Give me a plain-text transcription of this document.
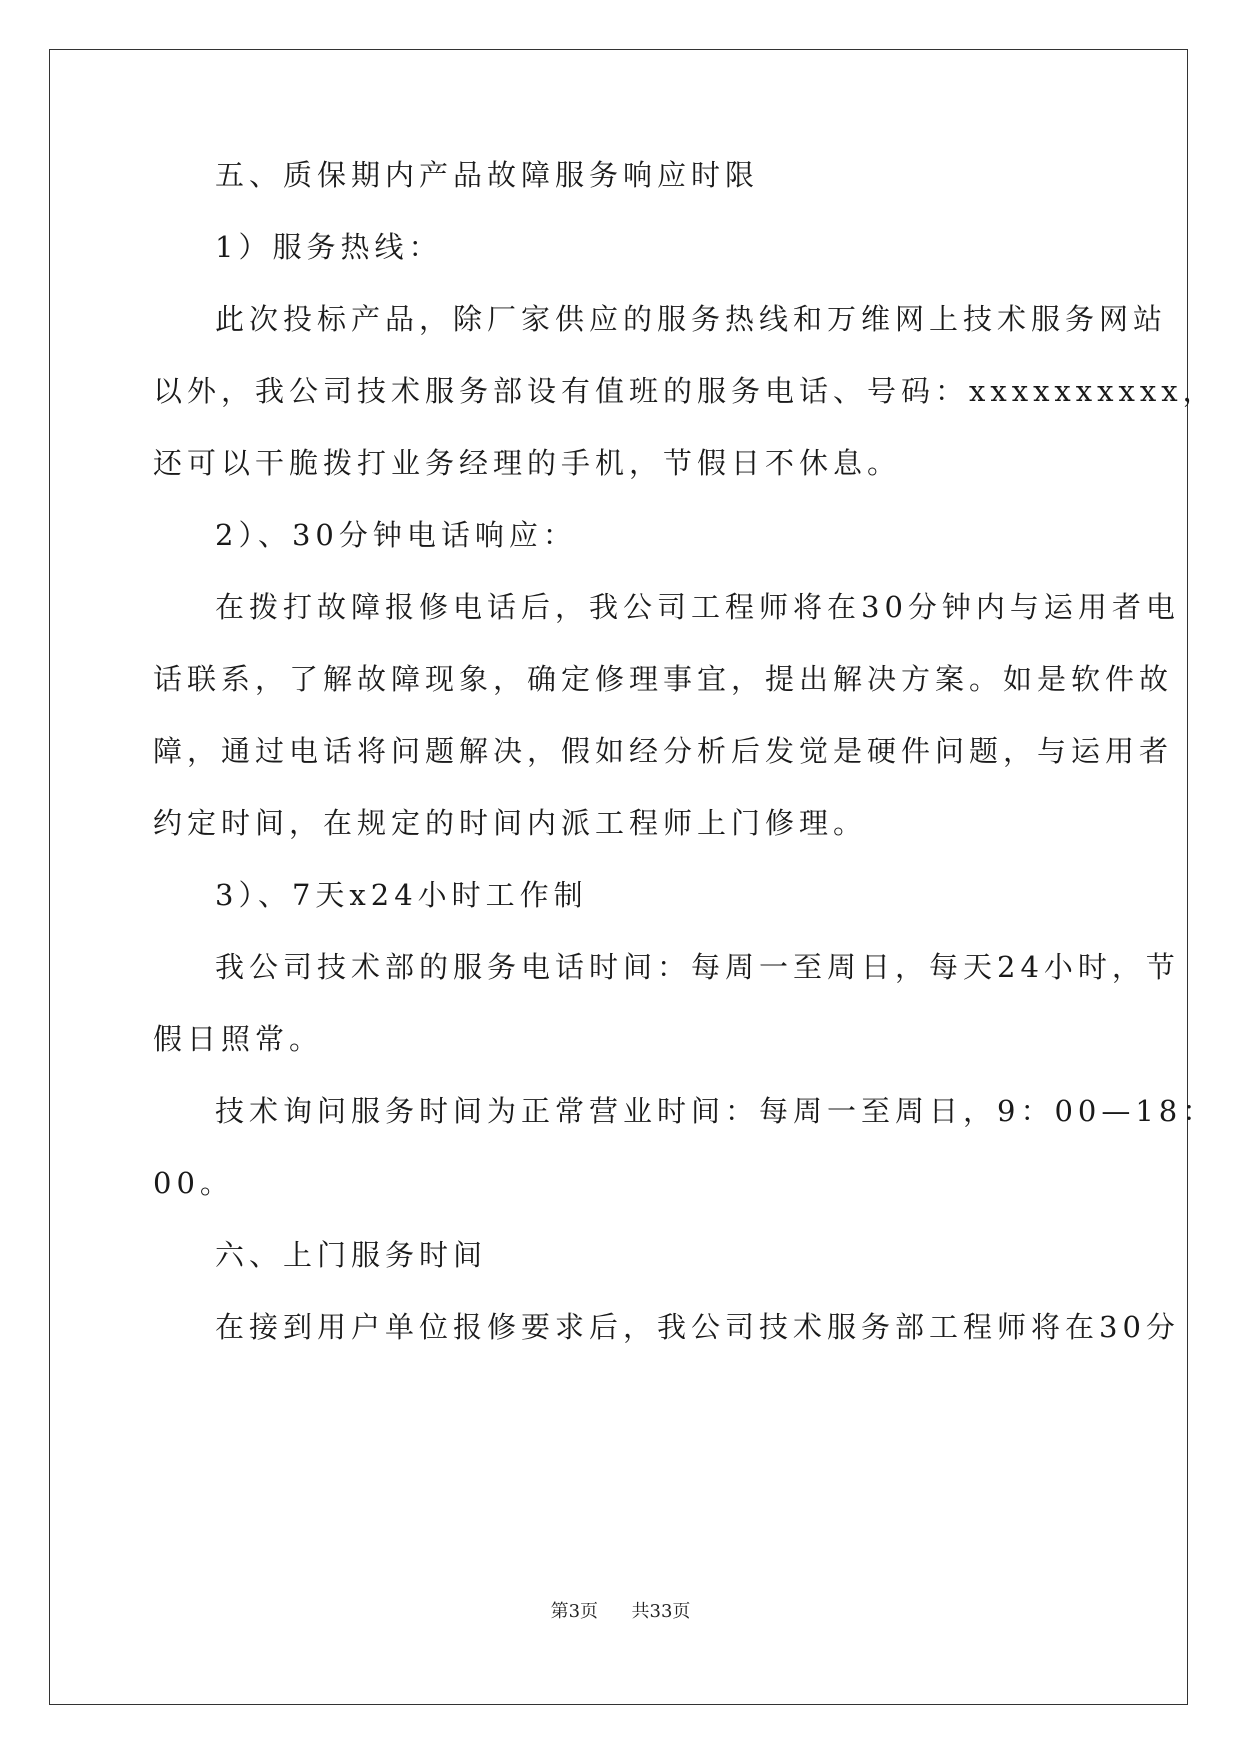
五、质保期内产品故障服务响应时限
1）服务热线：
此次投标产品，除厂家供应的服务热线和万维网上技术服务网站
以外，我公司技术服务部设有值班的服务电话、号码：xxxxxxxxxx，
还可以干脆拨打业务经理的手机，节假日不休息。
2）、30分钟电话响应：
在拨打故障报修电话后，我公司工程师将在30分钟内与运用者电
话联系，了解故障现象，确定修理事宜，提出解决方案。如是软件故
障，通过电话将问题解决，假如经分析后发觉是硬件问题，与运用者
约定时间，在规定的时间内派工程师上门修理。
3）、7天x24小时工作制
我公司技术部的服务电话时间：每周一至周日，每天24小时，节
假日照常。
技术询问服务时间为正常营业时间：每周一至周日，9：00—18：
00。
六、上门服务时间
在接到用户单位报修要求后，我公司技术服务部工程师将在30分
第3页 共33页
